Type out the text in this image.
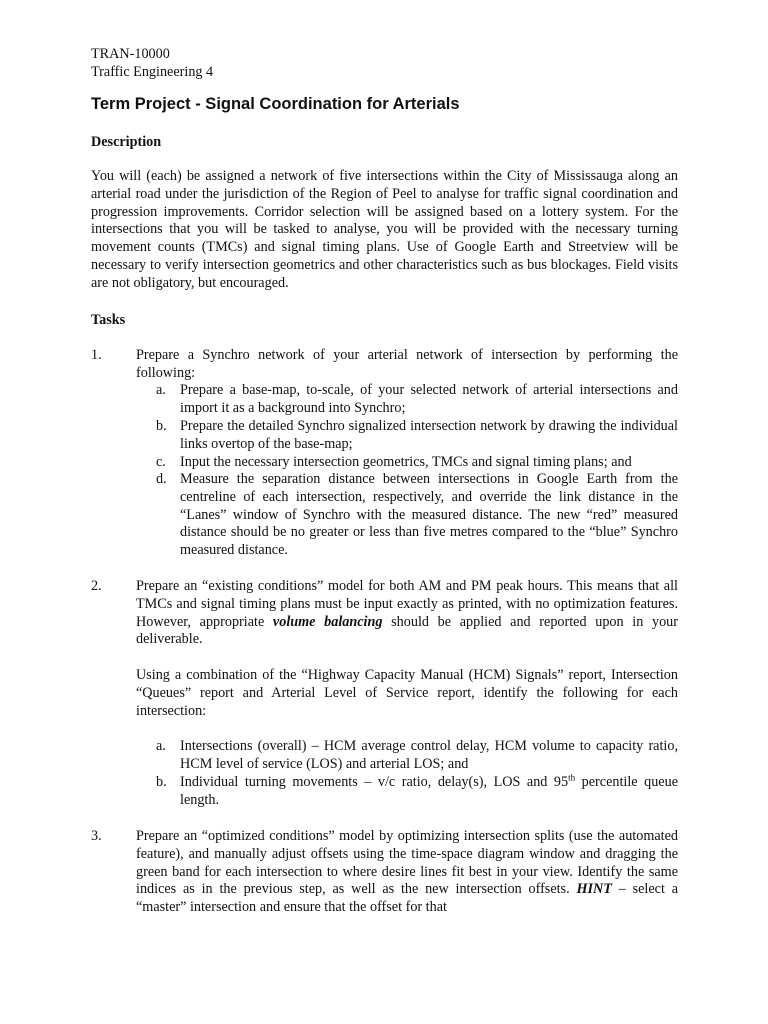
TRAN-10000
Traffic Engineering 4
Term Project - Signal Coordination for Arterials
Description

You will (each) be assigned a network of five intersections within the City of Mississauga along an arterial road under the jurisdiction of the Region of Peel to analyse for traffic signal coordination and progression improvements. Corridor selection will be assigned based on a lottery system. For the intersections that you will be tasked to analyse, you will be provided with the necessary turning movement counts (TMCs) and signal timing plans. Use of Google Earth and Streetview will be necessary to verify intersection geometrics and other characteristics such as bus blockages. Field visits are not obligatory, but encouraged.

Tasks
1. Prepare a Synchro network of your arterial network of intersection by performing the following:

a. Prepare a base-map, to-scale, of your selected network of arterial intersections and import it as a background into Synchro;

b. Prepare the detailed Synchro signalized intersection network by drawing the individual links overtop of the base-map;

c. Input the necessary intersection geometrics, TMCs and signal timing plans; and

d. Measure the separation distance between intersections in Google Earth from the centreline of each intersection, respectively, and override the link distance in the “Lanes” window of Synchro with the measured distance. The new “red” measured distance should be no greater or less than five metres compared to the “blue” Synchro measured distance.

2. Prepare an “existing conditions” model for both AM and PM peak hours. This means that all TMCs and signal timing plans must be input exactly as printed, with no optimization features. However, appropriate volume balancing should be applied and reported upon in your deliverable.

Using a combination of the “Highway Capacity Manual (HCM) Signals” report, Intersection “Queues” report and Arterial Level of Service report, identify the following for each intersection:

a. Intersections (overall) – HCM average control delay, HCM volume to capacity ratio, HCM level of service (LOS) and arterial LOS; and

b. Individual turning movements – v/c ratio, delay(s), LOS and 95th percentile queue length.

3. Prepare an “optimized conditions” model by optimizing intersection splits (use the automated feature), and manually adjust offsets using the time-space diagram window and dragging the green band for each intersection to where desire lines fit best in your view. Identify the same indices as in the previous step, as well as the new intersection offsets. HINT – select a “master” intersection and ensure that the offset for that
